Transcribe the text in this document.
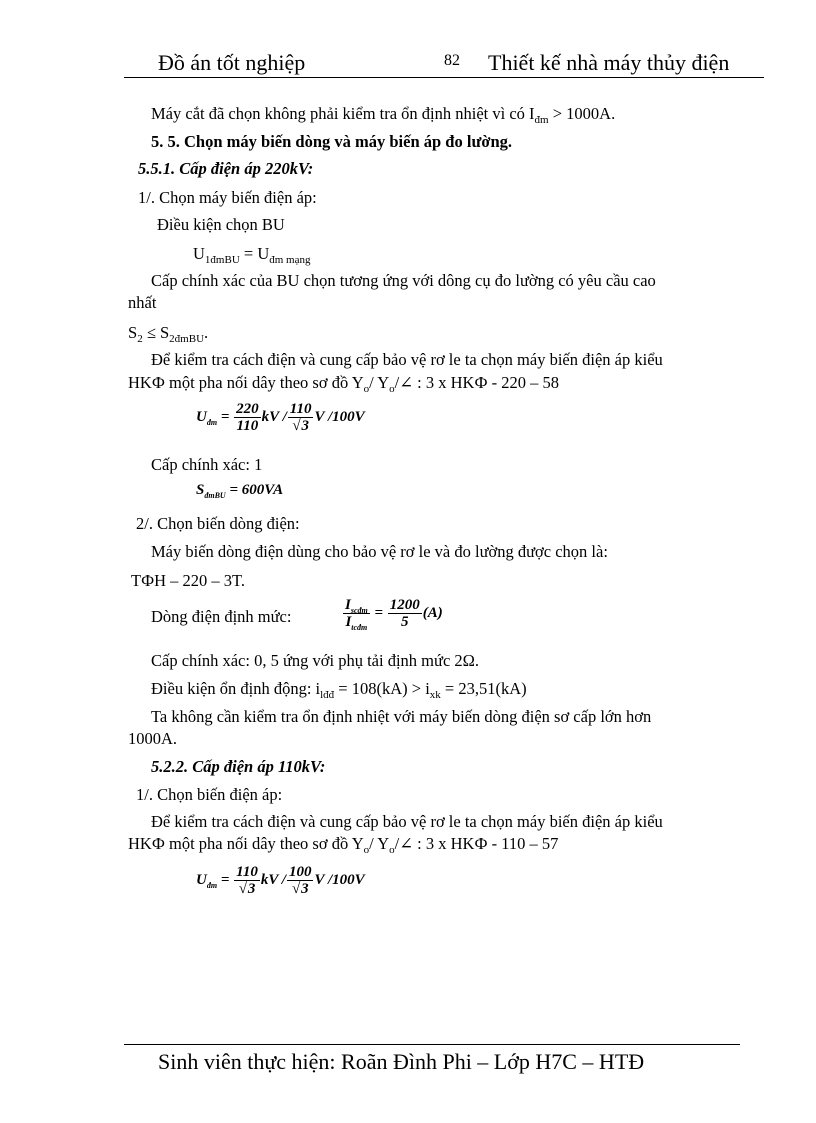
Đồ án tốt nghiệp	82 Thiết kế nhà máy thủy điện
Máy cắt đã chọn không phải kiểm tra ổn định nhiệt vì có $I_{đm} > 1000A$.
5. 5. Chọn máy biến dòng và máy biến áp đo lường.
5.5.1. Cấp điện áp 220kV:
1/. Chọn máy biến điện áp:
Điều kiện chọn BU
$U_{1đmBU} = U_{đm mạng}$
Cấp chính xác của BU chọn tương ứng với dông cụ đo lường có yêu cầu cao
nhất
$S_2 \le S_{2đmBU}$.
Để kiểm tra cách điện và cung cấp bảo vệ rơ le ta chọn máy biến điện áp kiểu
HKФ một pha nối dây theo sơ đồ $Y_o/$ $Y_o/\angle$ : 3 x HKФ - 220 – 58
$U_{đm} = \frac{220}{110}$ kV / $\frac{110}{√3}$ V /100V
Cấp chính xác: 1
$S_{đmBU} = 600VA$
2/. Chọn biến dòng điện:
Máy biến dòng điện dùng cho bảo vệ rơ le và đo lường được chọn là:
TФH – 220 – 3T.
Dòng điện định mức:	$\frac{I_{scđm}}{I_{tcđm}} = \frac{1200}{5} (A)$
Cấp chính xác: 0, 5 ứng với phụ tải định mức 2Ω.
Điều kiện ổn định động: $i_{lđđ} = 108(kA) > i_{xk} = 23,51(kA)$
Ta không cần kiểm tra ổn định nhiệt với máy biến dòng điện sơ cấp lớn hơn
1000A.
5.2.2. Cấp điện áp 110kV:
1/. Chọn biến điện áp:
Để kiểm tra cách điện và cung cấp bảo vệ rơ le ta chọn máy biến điện áp kiểu
HKФ một pha nối dây theo sơ đồ $Y_o/$ $Y_o/\angle$ : 3 x HKФ - 110 – 57
$U_{đm} = \frac{110}{√3}$ kV / $\frac{100}{√3}$ V /100V
Sinh viên thực hiện: Roãn Đình Phi – Lớp H7C – HTĐ
